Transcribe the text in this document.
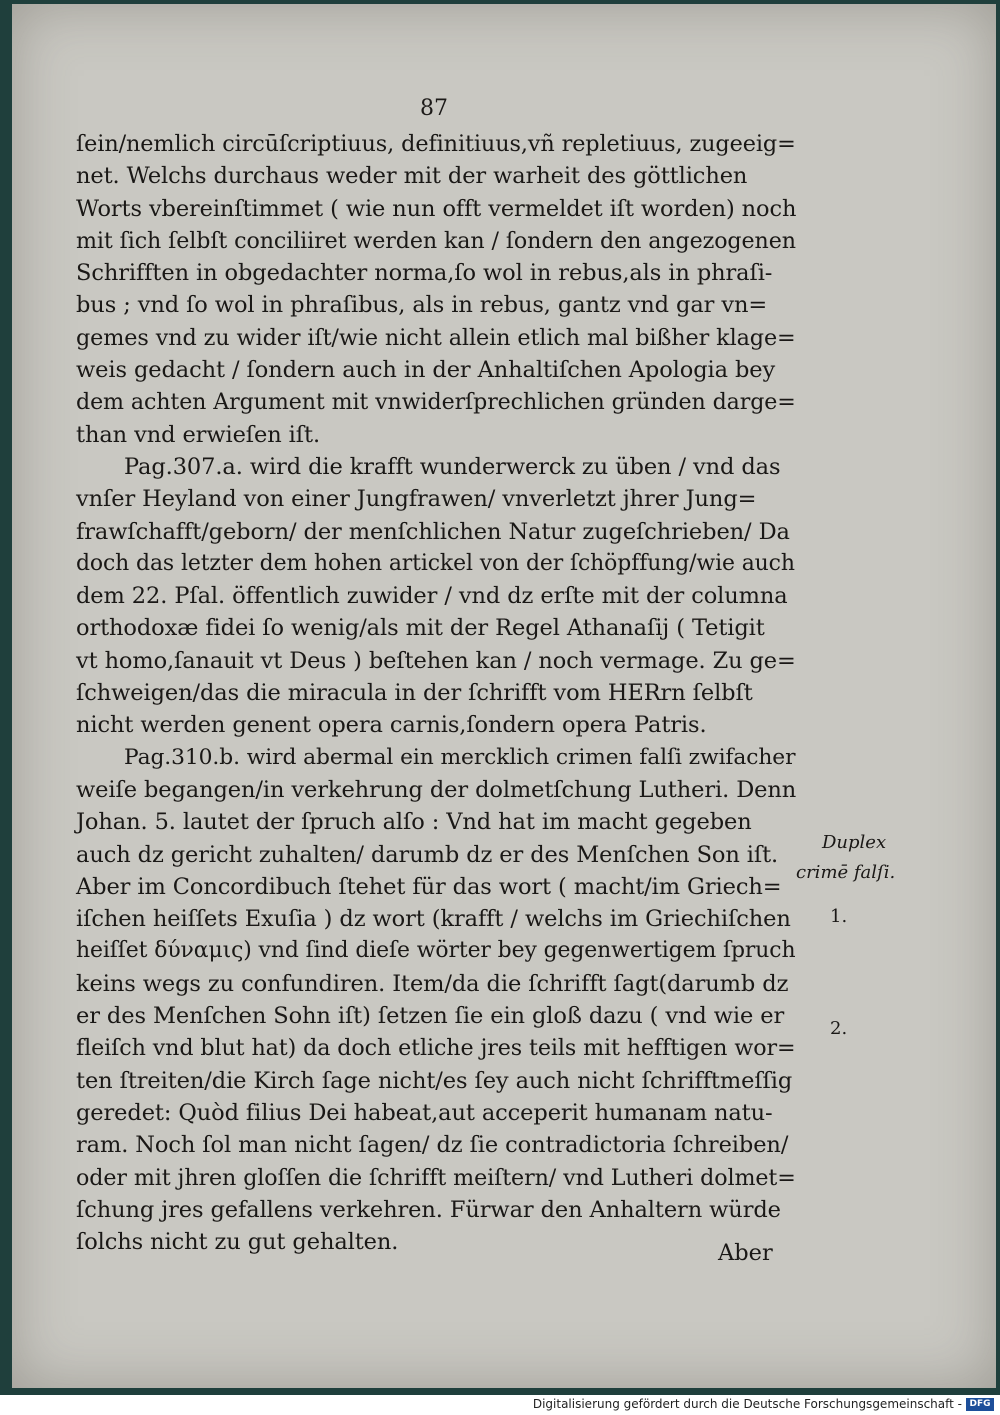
87
ſein/nemlich circūſcriptiuus, definitiuus,vñ repletiuus, zugeeig=
net. Welchs durchaus weder mit der warheit des göttlichen
Worts vbereinſtimmet ( wie nun offt vermeldet iſt worden) noch
mit ſich ſelbſt conciliiret werden kan / ſondern den angezogenen
Schrifften in obgedachter norma,ſo wol in rebus,als in phraſi-
bus ; vnd ſo wol in phraſibus, als in rebus, gantz vnd gar vn=
gemes vnd zu wider iſt/wie nicht allein etlich mal bißher klage=
weis gedacht / ſondern auch in der Anhaltiſchen Apologia bey
dem achten Argument mit vnwiderſprechlichen gründen darge=
than vnd erwieſen iſt.
Pag.307.a. wird die krafft wunderwerck zu üben / vnd das
vnſer Heyland von einer Jungfrawen/ vnverletzt jhrer Jung=
frawſchafft/geborn/ der menſchlichen Natur zugeſchrieben/ Da
doch das letzter dem hohen artickel von der ſchöpffung/wie auch
dem 22. Pſal. öffentlich zuwider / vnd dz erſte mit der columna
orthodoxæ fidei ſo wenig/als mit der Regel Athanaſij ( Tetigit
vt homo,ſanauit vt Deus ) beſtehen kan / noch vermage. Zu ge=
ſchweigen/das die miracula in der ſchrifft vom HERrn ſelbſt
nicht werden genent opera carnis,ſondern opera Patris.
Pag.310.b. wird abermal ein mercklich crimen falſi zwifacher
weiſe begangen/in verkehrung der dolmetſchung Lutheri. Denn
Johan. 5. lautet der ſpruch alſo : Vnd hat im macht gegeben
auch dz gericht zuhalten/ darumb dz er des Menſchen Son iſt.
Aber im Concordibuch ſtehet für das wort ( macht/im Griech=
iſchen heiſſets Exuſia ) dz wort (krafft / welchs im Griechiſchen
heiſſet δύναμις) vnd ſind dieſe wörter bey gegenwertigem ſpruch
keins wegs zu confundiren. Item/da die ſchrifft ſagt(darumb dz
er des Menſchen Sohn iſt) ſetzen ſie ein gloß dazu ( vnd wie er
fleiſch vnd blut hat) da doch etliche jres teils mit hefftigen wor=
ten ſtreiten/die Kirch ſage nicht/es ſey auch nicht ſchrifftmeſſig
geredet: Quòd filius Dei habeat,aut acceperit humanam natu-
ram. Noch ſol man nicht ſagen/ dz ſie contradictoria ſchreiben/
oder mit jhren gloſſen die ſchrifft meiſtern/ vnd Lutheri dolmet=
ſchung jres gefallens verkehren. Fürwar den Anhaltern würde
ſolchs nicht zu gut gehalten.
Duplex
crimē falſi.
1.
2.
Aber
Digitalisierung gefördert durch die Deutsche Forschungsgemeinschaft - DFG
